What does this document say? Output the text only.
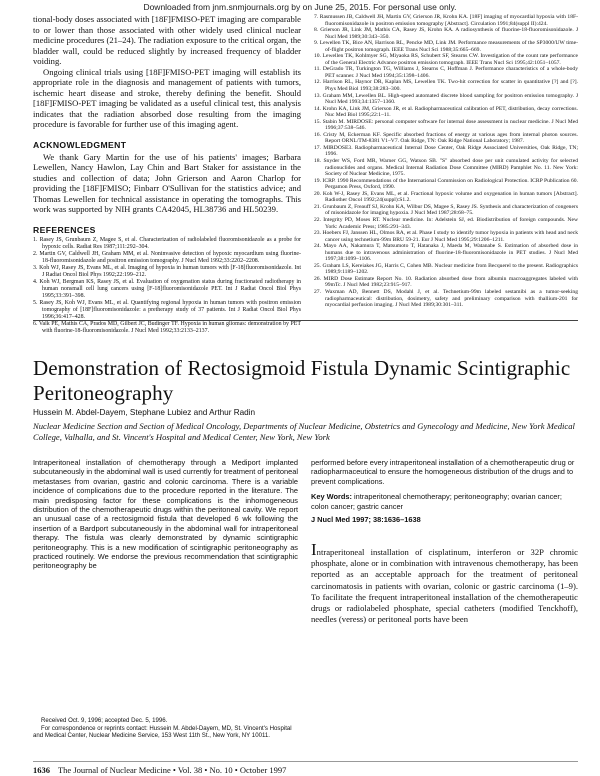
Downloaded from jnm.snmjournals.org by on June 25, 2015. For personal use only.
tional-body doses associated with [18F]FMISO-PET imaging are comparable to or lower than those associated with other widely used clinical nuclear medicine procedures (21–24). The radiation exposure to the critical organ, the bladder wall, could be reduced slightly by increased frequency of bladder voiding.
Ongoing clinical trials using [18F]FMISO-PET imaging will establish its appropriate role in the diagnosis and management of patients with tumors, ischemic heart disease and stroke, thereby defining the benefit. Should [18F]FMISO-PET imaging be validated as a useful clinical test, this analysis indicates that the radiation absorbed dose resulting from the imaging procedure is favorable for further use of this imaging agent.
ACKNOWLEDGMENT
We thank Gary Martin for the use of his patients' images; Barbara Lewellen, Nancy Hawlon, Lay Chin and Bart Staker for assistance in the studies and collection of data; John Grierson and Aaron Charlop for providing the [18F]FMISO; Finbarr O'Sullivan for the statistics advice; and Thomas Lewellen for technical assistance in operating the tomographs. This work was supported by NIH grants CA42045, HL38736 and HL50239.
REFERENCES
1. Rasey JS, Grunbaum Z, Magee S, et al. Characterization of radiolabeled fluoromisonidazole as a probe for hypoxic cells. Radiat Res 1987;111:292–304.
2. Martin GV, Caldwell JH, Graham MM, et al. Noninvasive detection of hypoxic myocardium using fluorine-18-fluoromisonidazole and positron emission tomography. J Nucl Med 1992;33:2202–2208.
3. Koh WJ, Rasey JS, Evans ML, et al. Imaging of hypoxia in human tumors with [F-18]fluoromisonidazole. Int J Radiat Oncol Biol Phys 1992;22:199–212.
4. Koh WJ, Bergman KS, Rasey JS, et al. Evaluation of oxygenation status during fractionated radiotherapy in human nonsmall cell lung cancers using [F-18]fluoromisonidazole PET. Int J Radiat Oncol Biol Phys 1995;33:391–398.
5. Rasey JS, Koh WJ, Evans ML, et al. Quantifying regional hypoxia in human tumors with positron emission tomography of [18F]fluoromisonidazole: a pretherapy study of 37 patients. Int J Radiat Oncol Biol Phys 1996;36:417–428.
6. Valk PE, Mathis CA, Prados MD, Gilbert JC, Budinger TF. Hypoxia in human gliomas: demonstration by PET with fluorine-18-fluoromisonidazole. J Nucl Med 1992;33:2133–2137.
7. Rasmussen JB, Caldwell JH, Martin GV, Grierson JR, Krohn KA. [18F] imaging of myocardial hypoxia with 18F-fluoromisonidazole in positron emission tomography [Abstract]. Circulation 1991;84(suppl II):424.
8. Grierson JR, Link JM, Mathis CA, Rasey JS, Krohn KA. A radiosynthesis of fluorine-18-fluoromisonidazole. J Nucl Med 1989;30:343–350.
9. Lewellen TK, Bice AN, Harrison RL, Pencke MD, Link JM. Performance measurements of the SP3000/UW time-of-flight positron tomograph. IEEE Trans Nucl Sci 1988;35:665–669.
10. Lewellen TK, Kohlmyer SG, Miyaoka RS, Schubert SF, Stearns CW. Investigation of the count rate performance of the General Electric Advance positron emission tomograph. IEEE Trans Nucl Sci 1995;42:1051–1057.
11. DeGrado TR, Turkington TG, Williams J, Stearns C, Hoffman J. Performance characteristics of a whole-body PET scanner. J Nucl Med 1994;35:1398–1406.
12. Harrison RL, Haynor DR, Kaplan MS, Lewellen TK. Two-hit correction for scatter in quantitative [?] and [?]. Phys Med Biol 1993;38:283–300.
13. Graham MM, Lewellen BL. High-speed automated discrete blood sampling for positron emission tomography. J Nucl Med 1993;34:1357–1360.
14. Krohn KA, Link JM, Grierson JR, et al. Radiopharmaceutical calibration of PET, distribution, decay corrections. Nuc Med Biol 1995;22:1–11.
15. Stabin M. MIRDOSE: personal computer software for internal dose assessment in nuclear medicine. J Nucl Med 1996;37:538–546.
16. Cristy M, Eckerman KF. Specific absorbed fractions of energy at various ages from internal photon sources. Report ORNL/TM-8381 V1–V7. Oak Ridge, TN: Oak Ridge National Laboratory; 1987.
17. MIRDOSE3. Radiopharmaceutical Internal Dose Center, Oak Ridge Associated Universities, Oak Ridge, TN; 1996.
18. Snyder WS, Ford MR, Warner GG, Watson SB. "S" absorbed dose per unit cumulated activity for selected radionuclides and organs. Medical Internal Radiation Dose Committee (MIRD) Pamphlet No. 11. New York: Society of Nuclear Medicine, 1975.
19. ICRP. 1990 Recommendations of the International Commission on Radiological Protection. ICRP Publication 60. Pergamon Press, Oxford, 1990.
20. Koh W-J, Rasey JS, Evans ML, et al. Fractional hypoxic volume and oxygenation in human tumors [Abstract]. Radiother Oncol 1992;24(suppl):S1.2.
21. Grunbaum Z, Freauff SJ, Krohn KA, Wilbur DS, Magee S, Rasey JS. Synthesis and characterization of congeners of misonidazole for imaging hypoxia. J Nucl Med 1987;28:68–75.
22. Integrity PD, Moses RT. Nuclear medicine. In: Adelstein SJ, ed. Biodistribution of foreign compounds. New York: Academic Press; 1985:291–343.
23. Hoebers FJ, Janssen HL, Olmos RA, et al. Phase I study to identify tumor hypoxia in patients with head and neck cancer using technetium-99m BRU 59-21. Eur J Nucl Med 1995;29:1206–1211.
24. Mayo AA, Nakamura T, Matsumoto T, Hatanaka J, Maeda M, Watanabe S. Estimation of absorbed dose in humans due to intravenous administration of fluorine-18-fluoromisonidazole in PET studies. J Nucl Med 1997;38:1099–1106.
25. Graham LS, Kereiakes JG, Harris C, Cohen MB. Nuclear medicine from Becquerel to the present. Radiographics 1989;9:1189–1202.
26. MIRD Dose Estimate Report No. 10. Radiation absorbed dose from albumin macroaggregates labeled with 99mTc. J Nucl Med 1982;23:915–917.
27. Waxman AD, Bennett DS, Modahl J, et al. Technetium-99m labeled sestamibi as a tumor-seeking radiopharmaceutical: distribution, dosimetry, safety and preliminary comparison with thallium-201 for myocardial perfusion imaging. J Nucl Med 1989;30:301–311.
Demonstration of Rectosigmoid Fistula Dynamic Scintigraphic Peritoneography
Hussein M. Abdel-Dayem, Stephane Lubiez and Arthur Radin
Nuclear Medicine Section and Section of Medical Oncology, Departments of Nuclear Medicine, Obstetrics and Gynecology and Medicine, New York Medical College, Valhalla, and St. Vincent's Hospital and Medical Center, New York, New York
Intraperitoneal installation of chemotherapy through a Mediport implanted subcutaneously in the abdominal wall is used currently for treatment of peritoneal metastases from ovarian, gastric and colonic carcinoma. There is a variable incidence of complications due to the procedure reported in the literature. The main predisposing factor for these complications is the inhomogeneous distribution of the chemotherapeutic drugs within the peritoneal cavity. We report an unusual case of a rectosigmoid fistula that developed 6 wk following the insertion of a Bardport subcutaneously in the abdominal wall for intraperitoneal therapy. The fistula was clearly demonstrated by dynamic scintigraphic peritoneography. This is a new modification of scintigraphic peritoneography as practiced routinely. We endorse the previous recommendation that scintigraphic peritoneography be
performed before every intraperitoneal installation of a chemotherapeutic drug or radiopharmaceutical to ensure the homogeneous distribution of the drugs and to prevent complications.
Key Words: intraperitoneal chemotherapy; peritoneography; ovarian cancer; colon cancer; gastric cancer
J Nucl Med 1997; 38:1636–1638
Intraperitoneal installation of cisplatinum, interferon or 32P chromic phosphate, alone or in combination with intravenous chemotherapy, has been reported as an acceptable approach for the treatment of peritoneal carcinomatosis in patients with ovarian, colonic or gastric carcinoma (1–9). To facilitate the frequent intraperitoneal installation of the chemotherapeutic drugs or radiolabeled phosphate, special catheters (modified Tenckhoff), needles (veress) or peritoneal ports have been
Received Oct. 9, 1996; accepted Dec. 5, 1996.
For correspondence or reprints contact: Hussein M. Abdel-Dayem, MD, St. Vincent's Hospital and Medical Center, Nuclear Medicine Service, 153 West 11th St., New York, NY 10011.
1636 The Journal of Nuclear Medicine • Vol. 38 • No. 10 • October 1997
